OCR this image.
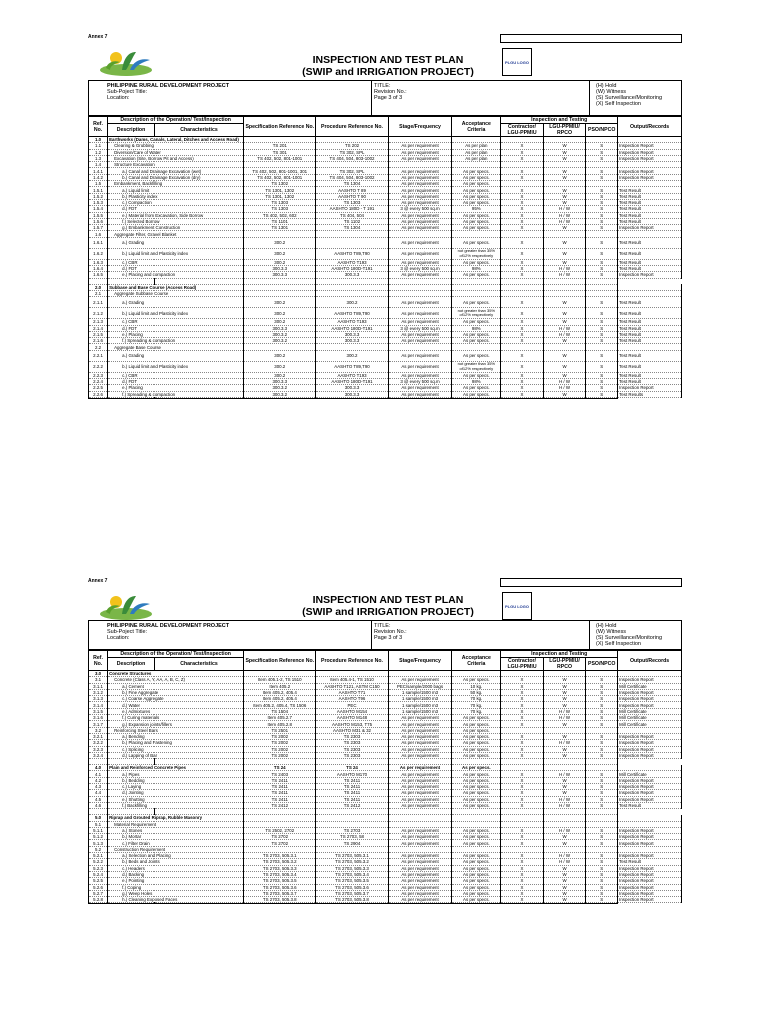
Annex 7
INSPECTION AND TEST PLAN
(SWIP and IRRIGATION PROJECT)
PLGU LOGO
PHILIPPINE RURAL DEVELOPMENT PROJECT
Sub-Poject Title:
Location:
TITLE:
Revision No.:
Page 3 of 3
(H) Hold
(W) Witness
(S) Surveillance/Monitoring
(X) Self Inspection
Ref. No.	Description of the Operation/ Test/Inspection		Specification Reference No.	Procedure Reference No.	Stage/Frequency	Acceptance Criteria	Inspection and Testing			Output/Records
	Description	Characteristics					Contractor/ LGU-PPMIU	LGU-PPMIU/ RPCO	PSO/NPCO	
1.0	Earthworks (Dams, Canals, Lateral, Ditches and Access Road)									
1.1	Clearing & Grubbing		TS 201	TS 202	As per requirement	As per plan	X	W	S	Inspection Report
1.2	Diversion/Care of Water		TS 301	TS 302, SPL	As per requirement	As per plan	X	W	S	Inspection Report
1.3	Excavation (Site, Borrow Pit and Access)		TS 402, 502, 801-1001	TS 404, 504, 803-1002	As per requirement	As per plan	X	W	S	Inspection Report
1.4	Structure Excavation									
1.4.1	a.) Canal and Drainage Excavation (wet)		TS 402, 502, 801-1001, 301	TS 302, SPL	As per requirement	As per specs.	X	W	S	Inspection Report
1.4.2	b.) Canal and Drainage Excavation (dry)		TS 402, 502, 801-1001	TS 404, 504, 803-1002	As per requirement	As per specs.	X	W	S	Inspection Report
1.5	Embankment, Backfilling		TS 1302	TS 1304	As per requirement	As per specs.				
1.5.1	a.) Liquid limit		TS 1301, 1302	AASHTO T 89	As per requirement	As per specs.	X	W	S	Test Result
1.5.2	b.) Plasticity index		TS 1301, 1302	AASHTO T 90	As per requirement	As per specs.	X	W	S	Test Result
1.5.3	c.) Compaction		TS 1303	TS 1303	As per requirement	As per specs.	X	W	S	Test Result
1.5.4	d.) FDT		TS 1303	AASHTO 180D - T 191	3 @ every 500 sq.m	95%	X	H / W	S	Test Result
1.5.5	e.) Material from Excavation, Side Borrow		TS 402, 502, 602	TS 404, 504	As per requirement	As per specs.	X	H / W	S	Test Result
1.5.6	f.) Selected Borrow		TS 1101	TS 1102	As per requirement	As per specs.	X	H / W	S	Test Result
1.5.7	g.) Embankment Construction		TS 1301	TS 1304	As per requirement	As per specs.	X	W	S	Inspection Report
1.6	Aggregate Filter, Gravel Blanket									
1.6.1	a.) Grading		300.2		As per requirement	As per specs.	X	W	S	Test Result
1.6.2	b.) Liquid limit and Plasticity index		300.2	AASHTO T89,T90	As per requirement	not greater than 35% of12% respectively	X	W	S	Test Result
1.6.3	c.) CBR		300.2	AASHTO T193	As per requirement	As per specs.	X	W	S	Test Result
1.6.4	d.) FDT		300.3.3	AASHTO 180D-T191	3 @ every 500 sq.m	98%	X	H / W	S	Test Result
1.6.5	e.) Placing and compaction		300.3.3	300.3.3	As per requirement	As per specs.	X	H / W	S	Inspection Report

2.0	Subbase and Base Course (Access Road)									
2.1	Aggregate Subbase Course									
2.1.1	a.) Grading		300.2	300.2	As per requirement	As per specs.	X	W	S	Test Result
2.1.2	b.) Liquid limit and Plasticity index		300.2	AASHTO T89,T90	As per requirement	not greater than 35% of12% respectively	X	W	S	Test Result
2.1.3	c.) CBR		300.2	AASHTO T193	As per requirement	As per specs.	X	W	S	Test Result
2.1.4	d.) FDT		300.3.3	AASHTO 180D-T191	3 @ every 500 sq.m	98%	X	H / W	S	Test Result
2.1.5	e.) Placing		300.3.2	300.3.3	As per requirement	As per specs.	X	H / W	S	Test Result
2.1.6	f.) Spreading & compaction		300.3.2	300.3.3	As per requirement	As per specs.	X	W	S	Test Result
2.2	Aggregate Base Course									
2.2.1	a.) Grading		300.2	300.2	As per requirement	As per specs.	X	W	S	Test Result
2.2.2	b.) Liquid limit and Plasticity index		300.2	AASHTO T89,T90	As per requirement	not greater than 35% of12% respectively	X	W	S	Test Result
2.2.3	c.) CBR		300.2	AASHTO T193	As per requirement	As per specs.	X	W	S	Test Result
2.2.4	d.) FDT		300.3.3	AASHTO 180D-T191	3 @ every 500 sq.m	98%	X	H / W	S	Test Result
2.2.5	e.) Placing		300.3.2	300.3.3	As per requirement	As per specs.	X	H / W	S	Inspection Report
2.2.6	f.) Spreading & compaction		300.3.2	300.3.3	As per requirement	As per specs.	X	W	S	Test Results

Annex 7
INSPECTION AND TEST PLAN
(SWIP and IRRIGATION PROJECT)	PLGU LOGO
PHILIPPINE RURAL DEVELOPMENT PROJECT
Sub-Poject Title:
Location:
TITLE:
Revision No.:
Page 3 of 3
(H) Hold
(W) Witness
(S) Surveillance/Monitoring
(X) Self Inspection
Ref. No.	Description of the Operation/ Test/Inspection		Specification Reference No.	Procedure Reference No.	Stage/Frequency	Acceptance Criteria	Inspection and Testing			Output/Records
	Description	Characteristics					Contractor/ LGU-PPMIU	LGU-PPMIU/ RPCO	PSO/NPCO	
3.0	Concrete Structures									
3.1	Concrete (Class A, Y, AA, A, B, C, Z)		Item 405.1-2, TS 1510	Item 405.4-1, TS 1510	As per requirement	As per specs.	X	W	S	Inspection Report
3.1.1	a.) Cement		Item 405.2	AASHTO T121, ASTM C150	PEC/sample/2000 bags	10 kg.	X	W	S	Mill Certificate
3.1.2	b.) Fine Aggregate		Item 405.2, 405.4	AASHTO T71	1 sample/1500 m3	50 kg.	X	W	S	Inspection Report
3.1.3	c.) Coarse Aggregate		Item 405.2, 405.4	AASHTO T96	1 sample/1500 m3	70 kg.	X	W	S	Inspection Report
3.1.4	d.) Water		Item 405.2, 405.4, TS 1506	PEC	1 sample/1500 m3	70 kg.	X	W	S	Inspection Report
3.1.5	e.) Admixtures		TS 1504	AASHTO M154	1 sample/1500 m3	70 kg.	X	H / W	S	Mill Certificate
3.1.6	f.) Curing materials		Item 405.2.7	AASHTO M148	As per requirement	As per specs.	X	H / W	S	Mill Certificate
3.1.7	g.) Expansion joints/fillers		Item 405.2.8	AASHTO M153, T75	As per requirement	As per specs.	X	W	S	Mill Certificate
3.2	Reinforcing Steel Bars		TS 2501	AASHTO M31 & 32	As per requirement	As per specs.				
3.2.1	a.) Bending		TS 2002	TS 2303	As per requirement	As per specs.	X	W	S	Inspection Report
3.2.2	b.) Placing and Fastening		TS 2002	TS 2303	As per requirement	As per specs.	X	H / W	S	Inspection Report
3.2.3	c.) Splicing		TS 2002	TS 2303	As per requirement	As per specs.	X	W	S	Inspection Report
3.2.4	d.) Lapping of Bar		TS 2002	TS 2303	As per requirement	As per specs.	X	W	S	Inspection Report

4.0	Plain and Reinforced Concrete Pipes		TS 24	TS 24	As per requirement	As per specs.				
4.1	a.) Pipes		TS 2403	AASHTO M170	As per requirement	As per specs.	X	H / W	S	Mill Certificate
4.2	b.) Bedding		TS 2411	TS 2411	As per requirement	As per specs.	X	W	S	Inspection Report
4.3	c.) Laying		TS 2411	TS 2411	As per requirement	As per specs.	X	W	S	Inspection Report
4.4	d.) Jointing		TS 2411	TS 2411	As per requirement	As per specs.	X	W	S	Inspection Report
4.5	e.) Shutting		TS 2411	TS 2411	As per requirement	As per specs.	X	H / W	S	Inspection Report
4.6	f.) Backfilling		TS 2412	TS 2412	As per requirement	As per specs.	X	H / W	S	Test Result

5.0	Riprap and Grouted Riprap, Rubble Masonry									
5.1	Material Requirement									
5.1.1	a.) Stones		TS 2502, 2702	TS 2703	As per requirement	As per specs.	X	H / W	S	Inspection Report
5.1.2	b.) Mortar		TS 2702	TS 2703, 58	As per requirement	As per specs.	X	W	S	Inspection Report
5.1.3	c.) Filter Drain		TS 2702	TS 2904	As per requirement	As per specs.	X	W	S	Inspection Report
5.2	Construction Requirement									
5.2.1	a.) Selection and Placing		TS 2703, 505.3.1	TS 2703, 505.3.1	As per requirement	As per specs.	X	H / W	S	Inspection Report
5.2.2	b.) Beds and Joints		TS 2703, 505.3.2	TS 2703, 505.3.2	As per requirement	As per specs.	X	H / W	S	Test Result
5.2.3	c.) Headers		TS 2703, 505.3.3	TS 2703, 505.3.3	As per requirement	As per specs.	X	W	S	Inspection Report
5.2.4	d.) Backing		TS 2703, 505.3.4	TS 2703, 505.3.4	As per requirement	As per specs.	X	W	S	Inspection Report
5.2.5	e.) Pointing		TS 2703, 505.3.5	TS 2703, 505.3.5	As per requirement	As per specs.	X	W	S	Inspection Report
5.2.6	f.) Coping		TS 2703, 505.3.6	TS 2703, 505.3.6	As per requirement	As per specs.	X	W	S	Inspection Report
5.2.7	g.) Weep Holes		TS 2703, 505.3.7	TS 2703, 505.3.7	As per requirement	As per specs.	X	W	S	Inspection Report
5.2.8	h.) Cleaning Exposed Faces		TS 2703, 505.3.8	TS 2703, 505.3.8	As per requirement	As per specs.	X	W	S	Inspection Report
